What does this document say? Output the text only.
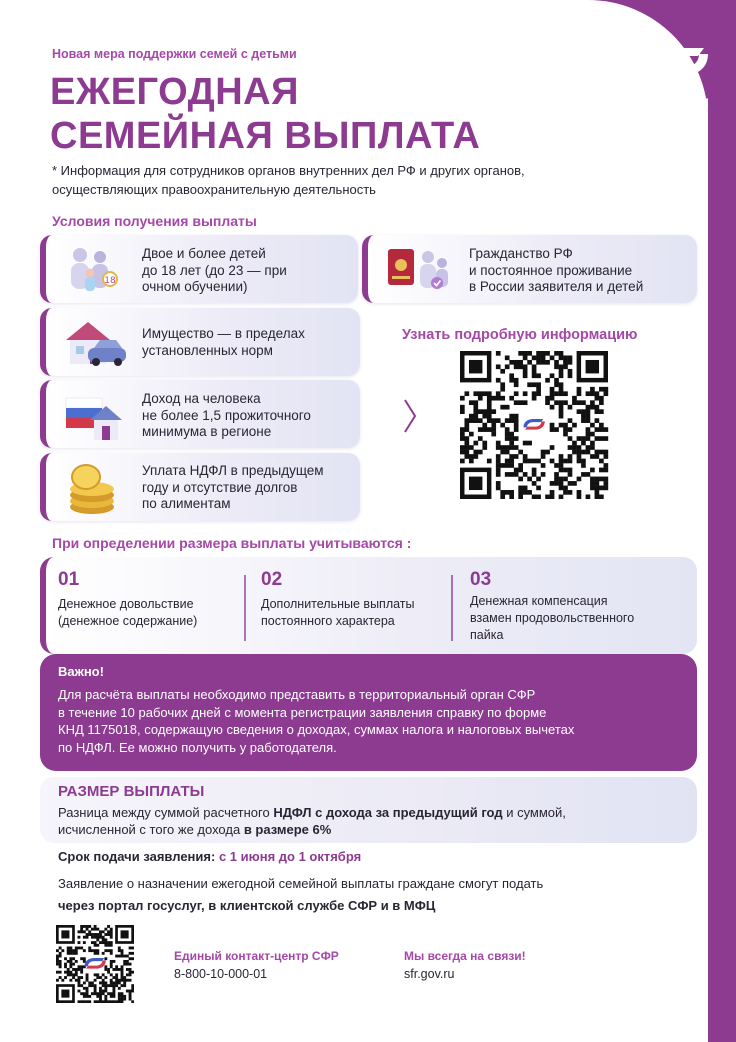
Новая мера поддержки семей с детьми
ЕЖЕГОДНАЯ
СЕМЕЙНАЯ ВЫПЛАТА
* Информация для сотрудников органов внутренних дел РФ и других органов,
осуществляющих правоохранительную деятельность
Условия получения выплаты
18
Двое и более детей
до 18 лет (до 23 — при
очном обучении)
Гражданство РФ
и постоянное проживание
в России заявителя и детей
Имущество — в пределах
установленных норм
Доход на человека
не более 1,5 прожиточного
минимума в регионе
Уплата НДФЛ в предыдущем
году и отсутствие долгов
по алиментам
Узнать подробную информацию
При определении размера выплаты учитываются :
01
Денежное довольствие
(денежное содержание)
02
Дополнительные выплаты
постоянного характера
03
Денежная компенсация
взамен продовольственного
пайка
Важно!
Для расчёта выплаты необходимо представить в территориальный орган СФР
в течение 10 рабочих дней с момента регистрации заявления справку по форме
КНД 1175018, содержащую сведения о доходах, суммах налога и налоговых вычетах
по НДФЛ. Ее можно получить у работодателя.
РАЗМЕР ВЫПЛАТЫ
Разница между суммой расчетного НДФЛ с дохода за предыдущий год и суммой,
исчисленной с того же дохода в размере 6%
Срок подачи заявления: с 1 июня до 1 октября
Заявление о назначении ежегодной семейной выплаты граждане смогут подать
через портал госуслуг, в клиентской службе СФР и в МФЦ
Единый контакт-центр СФР
8-800-10-000-01
Мы всегда на связи!
sfr.gov.ru
